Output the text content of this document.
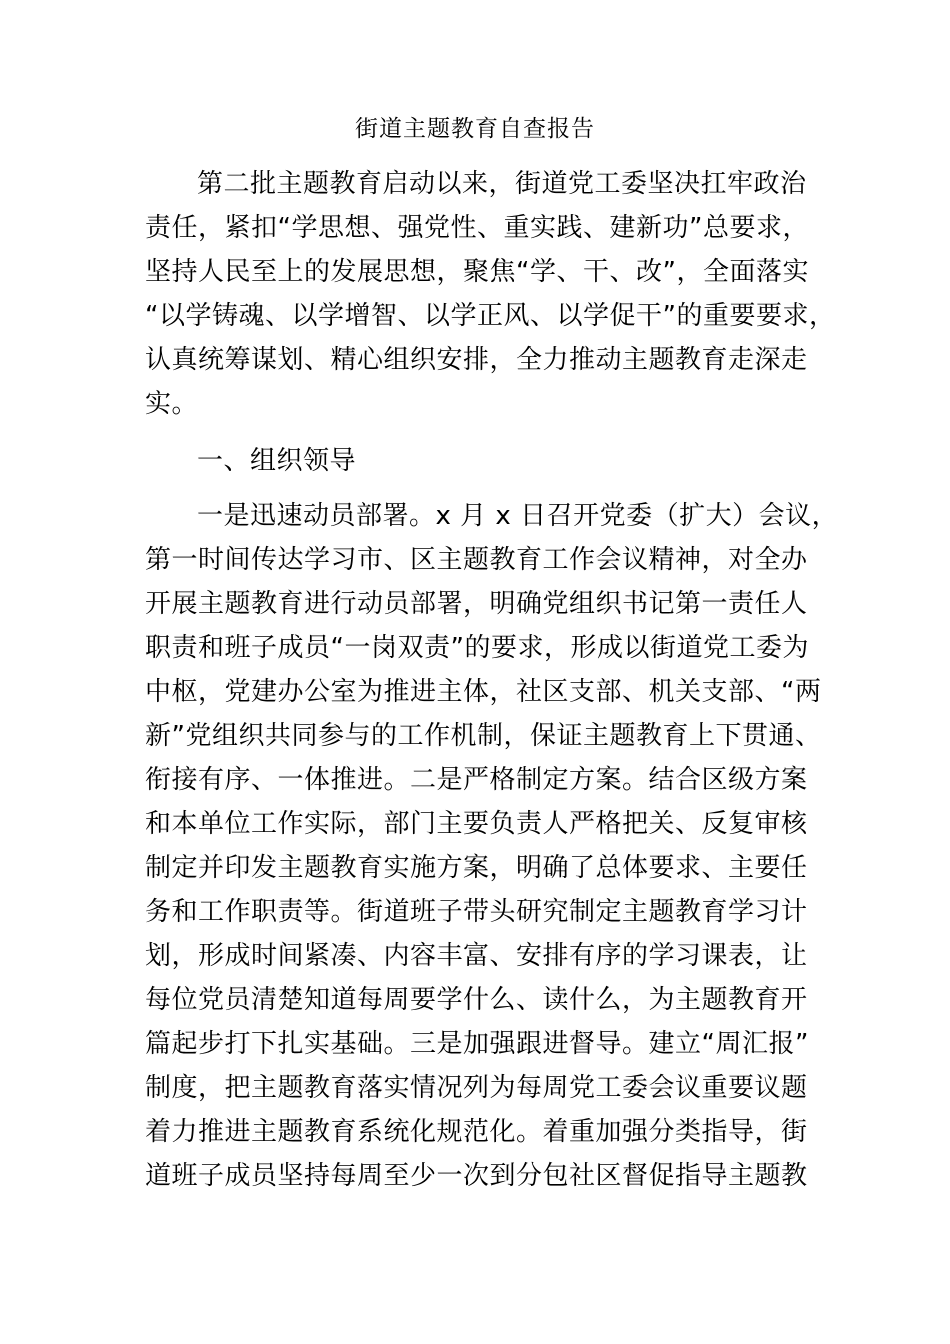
街道主题教育自查报告
第二批主题教育启动以来，街道党工委坚决扛牢政治
责任，紧扣“学思想、强党性、重实践、建新功”总要求，
坚持人民至上的发展思想，聚焦“学、干、改”，全面落实
“以学铸魂、以学增智、以学正风、以学促干”的重要要求，
认真统筹谋划、精心组织安排，全力推动主题教育走深走
实。
一、组织领导
一是迅速动员部署。x 月 x 日召开党委（扩大）会议，
第一时间传达学习市、区主题教育工作会议精神，对全办
开展主题教育进行动员部署，明确党组织书记第一责任人
职责和班子成员“一岗双责”的要求，形成以街道党工委为
中枢，党建办公室为推进主体，社区支部、机关支部、“两
新”党组织共同参与的工作机制，保证主题教育上下贯通、
衔接有序、一体推进。二是严格制定方案。结合区级方案
和本单位工作实际，部门主要负责人严格把关、反复审核
制定并印发主题教育实施方案，明确了总体要求、主要任
务和工作职责等。街道班子带头研究制定主题教育学习计
划，形成时间紧凑、内容丰富、安排有序的学习课表，让
每位党员清楚知道每周要学什么、读什么，为主题教育开
篇起步打下扎实基础。三是加强跟进督导。建立“周汇报”
制度，把主题教育落实情况列为每周党工委会议重要议题
着力推进主题教育系统化规范化。着重加强分类指导，街
道班子成员坚持每周至少一次到分包社区督促指导主题教
